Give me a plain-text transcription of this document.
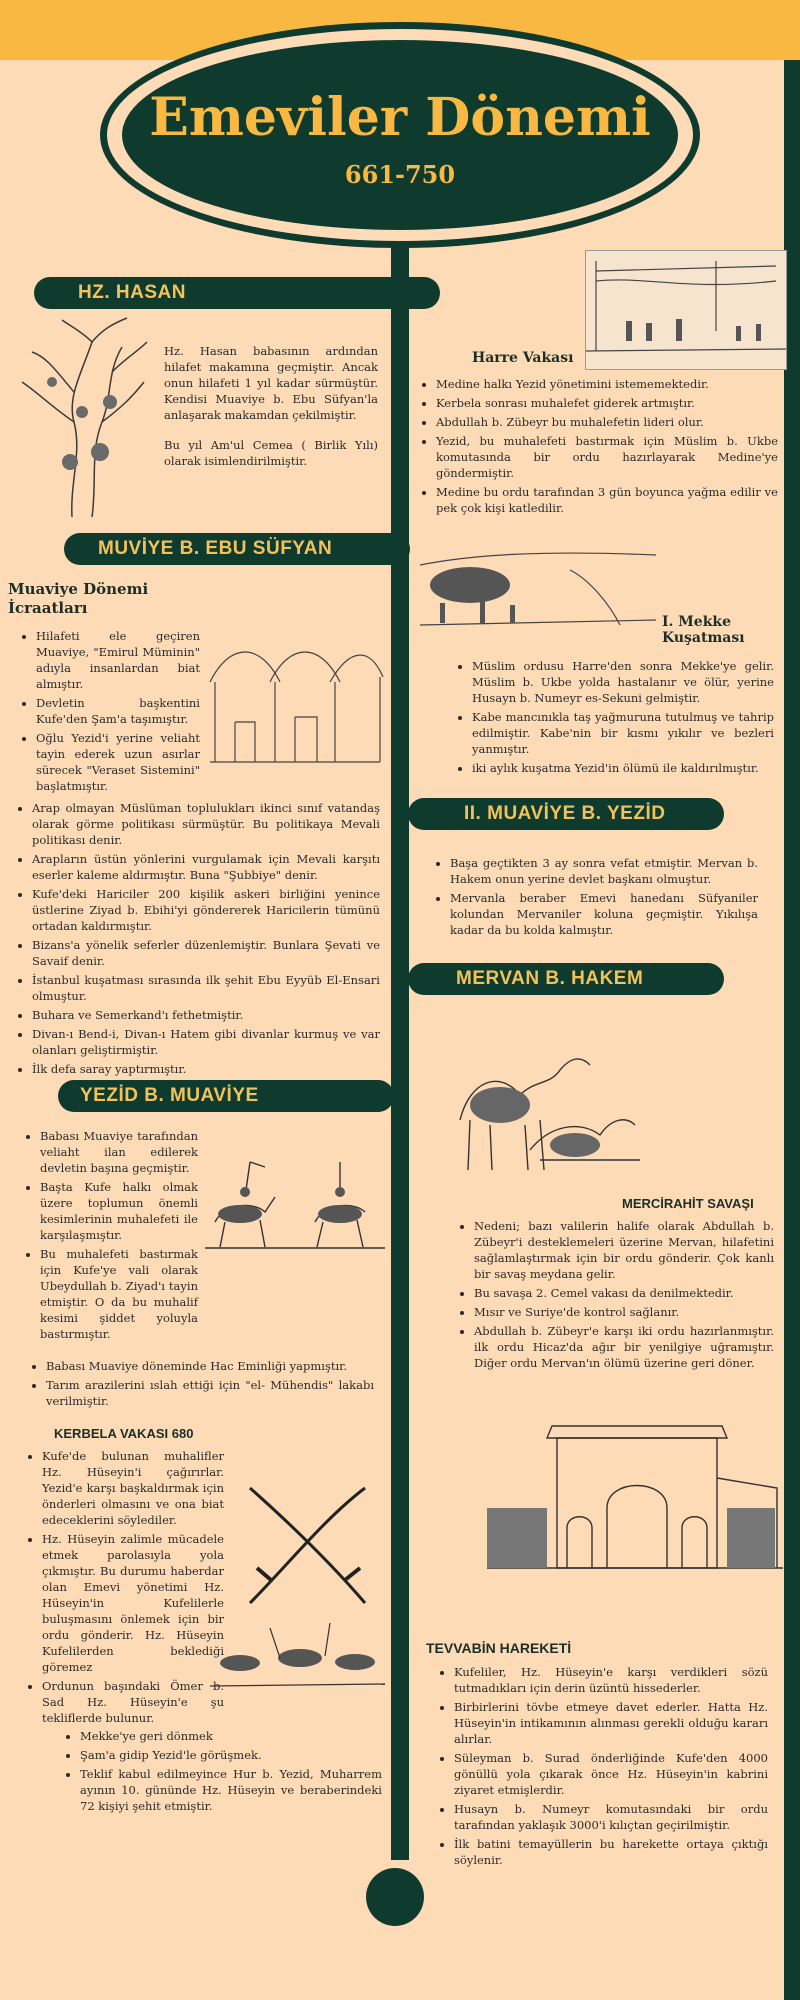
Emeviler Dönemi
661-750
HZ. HASAN
Hz. Hasan babasının ardından hilafet makamına geçmiştir. Ancak onun hilafeti 1 yıl kadar sürmüştür. Kendisi Muaviye b. Ebu Süfyan'la anlaşarak makamdan çekilmiştir.
Bu yıl Am'ul Cemea ( Birlik Yılı) olarak isimlendirilmiştir.
Harre Vakası
• Medine halkı Yezid yönetimini istememektedir.
• Kerbela sonrası muhalefet giderek artmıştır.
• Abdullah b. Zübeyr bu muhalefetin lideri olur.
• Yezid, bu muhalefeti bastırmak için Müslim b. Ukbe komutasında bir ordu hazırlayarak Medine'ye göndermiştir.
• Medine bu ordu tarafından 3 gün boyunca yağma edilir ve pek çok kişi katledilir.
MUVİYE B. EBU SÜFYAN
Muaviye Dönemi
İcraatları
• Hilafeti ele geçiren Muaviye, "Emirul Müminin" adıyla insanlardan biat almıştır.
• Devletin başkentini Kufe'den Şam'a taşımıştır.
• Oğlu Yezid'i yerine veliaht tayin ederek uzun asırlar sürecek "Veraset Sistemini" başlatmıştır.
• Arap olmayan Müslüman toplulukları ikinci sınıf vatandaş olarak görme politikası sürmüştür. Bu politikaya Mevali politikası denir.
• Arapların üstün yönlerini vurgulamak için Mevali karşıtı eserler kaleme aldırmıştır. Buna "Şubbiye" denir.
• Kufe'deki Hariciler 200 kişilik askeri birliğini yenince üstlerine Ziyad b. Ebihi'yi göndererek Haricilerin tümünü ortadan kaldırmıştır.
• Bizans'a yönelik seferler düzenlemiştir. Bunlara Şevati ve Savaif denir.
• İstanbul kuşatması sırasında ilk şehit Ebu Eyyüb El-Ensari olmuştur.
• Buhara ve Semerkand'ı fethetmiştir.
• Divan-ı Bend-i, Divan-ı Hatem gibi divanlar kurmuş ve var olanları geliştirmiştir.
• İlk defa saray yaptırmıştır.
I. Mekke Kuşatması
• Müslim ordusu Harre'den sonra Mekke'ye gelir. Müslim b. Ukbe yolda hastalanır ve ölür, yerine Husayn b. Numeyr es-Sekuni gelmiştir.
• Kabe mancınıkla taş yağmuruna tutulmuş ve tahrip edilmiştir. Kabe'nin bir kısmı yıkılır ve bezleri yanmıştır.
• iki aylık kuşatma Yezid'in ölümü ile kaldırılmıştır.
II. MUAVİYE B. YEZİD
• Başa geçtikten 3 ay sonra vefat etmiştir. Mervan b. Hakem onun yerine devlet başkanı olmuştur.
• Mervanla beraber Emevi hanedanı Süfyaniler kolundan Mervaniler koluna geçmiştir. Yıkılışa kadar da bu kolda kalmıştır.
MERVAN B. HAKEM
YEZİD B. MUAVİYE
• Babası Muaviye tarafından veliaht ilan edilerek devletin başına geçmiştir.
• Başta Kufe halkı olmak üzere toplumun önemli kesimlerinin muhalefeti ile karşılaşmıştır.
• Bu muhalefeti bastırmak için Kufe'ye vali olarak Ubeydullah b. Ziyad'ı tayin etmiştir. O da bu muhalif kesimi şiddet yoluyla bastırmıştır.
• Babası Muaviye döneminde Hac Eminliği yapmıştır.
• Tarım arazilerini ıslah ettiği için "el- Mühendis" lakabı verilmiştir.
MERCİRAHİT SAVAŞI
• Nedeni; bazı valilerin halife olarak Abdullah b. Zübeyr'i desteklemeleri üzerine Mervan, hilafetini sağlamlaştırmak için bir ordu gönderir. Çok kanlı bir savaş meydana gelir.
• Bu savaşa 2. Cemel vakası da denilmektedir.
• Mısır ve Suriye'de kontrol sağlanır.
• Abdullah b. Zübeyr'e karşı iki ordu hazırlanmıştır. ilk ordu Hicaz'da ağır bir yenilgiye uğramıştır. Diğer ordu Mervan'ın ölümü üzerine geri döner.
KERBELA VAKASI 680
• Kufe'de bulunan muhalifler Hz. Hüseyin'i çağırırlar. Yezid'e karşı başkaldırmak için önderleri olmasını ve ona biat edeceklerini söylediler.
• Hz. Hüseyin zalimle mücadele etmek parolasıyla yola çıkmıştır. Bu durumu haberdar olan Emevi yönetimi Hz. Hüseyin'in Kufelilerle buluşmasını önlemek için bir ordu gönderir. Hz. Hüseyin Kufelilerden beklediği göremez
• Ordunun başındaki Ömer b. Sad Hz. Hüseyin'e şu tekliflerde bulunur.
• Mekke'ye geri dönmek
• Şam'a gidip Yezid'le görüşmek.
• Teklif kabul edilmeyince Hur b. Yezid, Muharrem ayının 10. gününde Hz. Hüseyin ve beraberindeki 72 kişiyi şehit etmiştir.
TEVVABİN HAREKETİ
• Kufeliler, Hz. Hüseyin'e karşı verdikleri sözü tutmadıkları için derin üzüntü hissederler.
• Birbirlerini tövbe etmeye davet ederler. Hatta Hz. Hüseyin'in intikamının alınması gerekli olduğu kararı alırlar.
• Süleyman b. Surad önderliğinde Kufe'den 4000 gönüllü yola çıkarak önce Hz. Hüseyin'in kabrini ziyaret etmişlerdir.
• Husayn b. Numeyr komutasındaki bir ordu tarafından yaklaşık 3000'i kılıçtan geçirilmiştir.
• İlk batini temayüllerin bu harekette ortaya çıktığı söylenir.
